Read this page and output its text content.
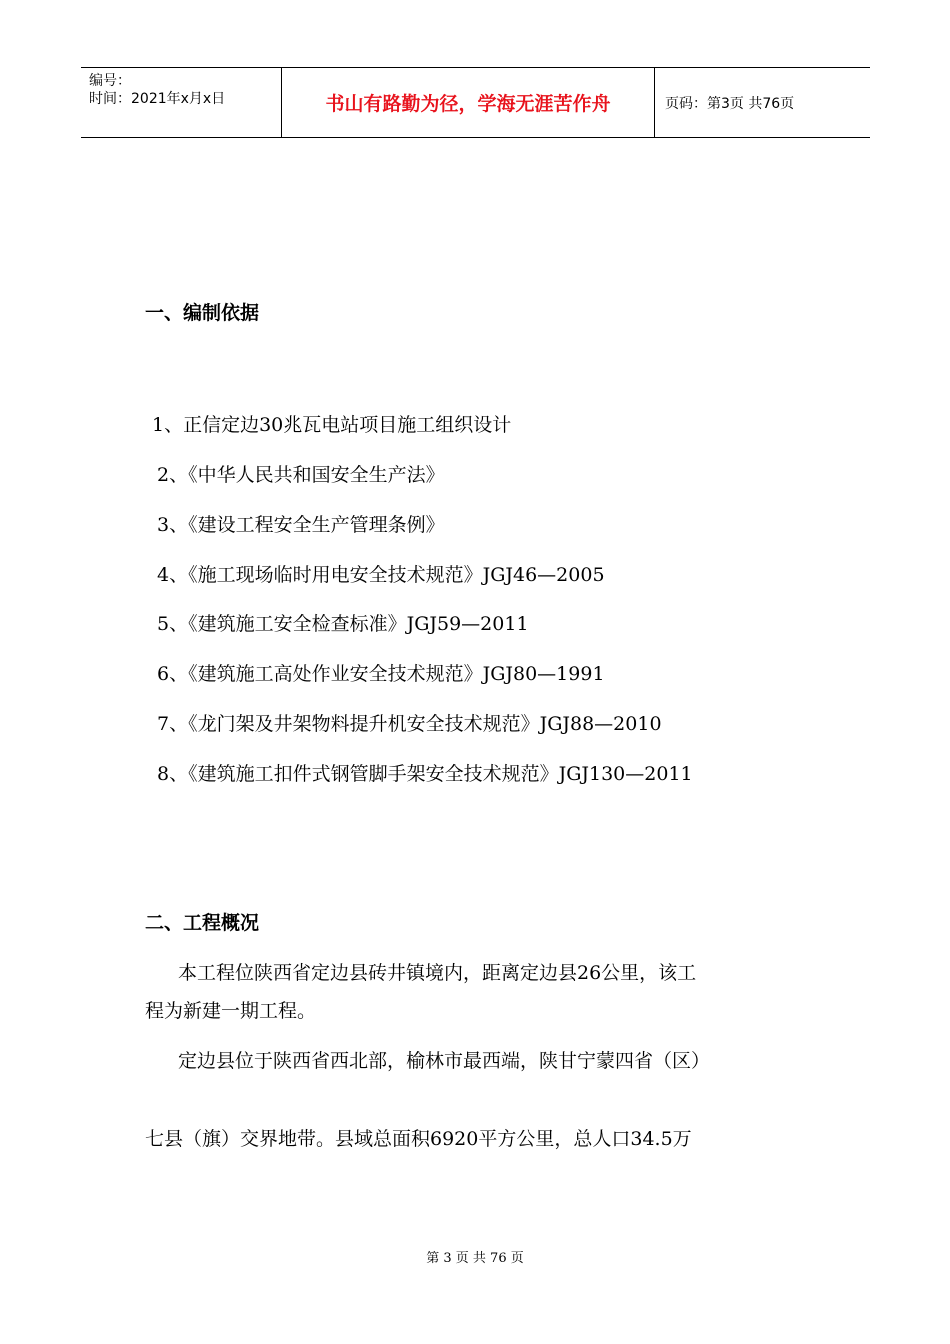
编号：
时间：2021年x月x日	书山有路勤为径，学海无涯苦作舟	页码：第3页 共76页
一、编制依据
1、正信定边30兆瓦电站项目施工组织设计
2、《中华人民共和国安全生产法》
3、《建设工程安全生产管理条例》
4、《施工现场临时用电安全技术规范》JGJ46—2005
5、《建筑施工安全检查标准》JGJ59—2011
6、《建筑施工高处作业安全技术规范》JGJ80—1991
7、《龙门架及井架物料提升机安全技术规范》JGJ88—2010
8、《建筑施工扣件式钢管脚手架安全技术规范》JGJ130—2011
二、工程概况
本工程位陕西省定边县砖井镇境内，距离定边县26公里，该工
程为新建一期工程。
定边县位于陕西省西北部，榆林市最西端，陕甘宁蒙四省（区）
七县（旗）交界地带。县域总面积6920平方公里，总人口34.5万
第 3 页 共 76 页
